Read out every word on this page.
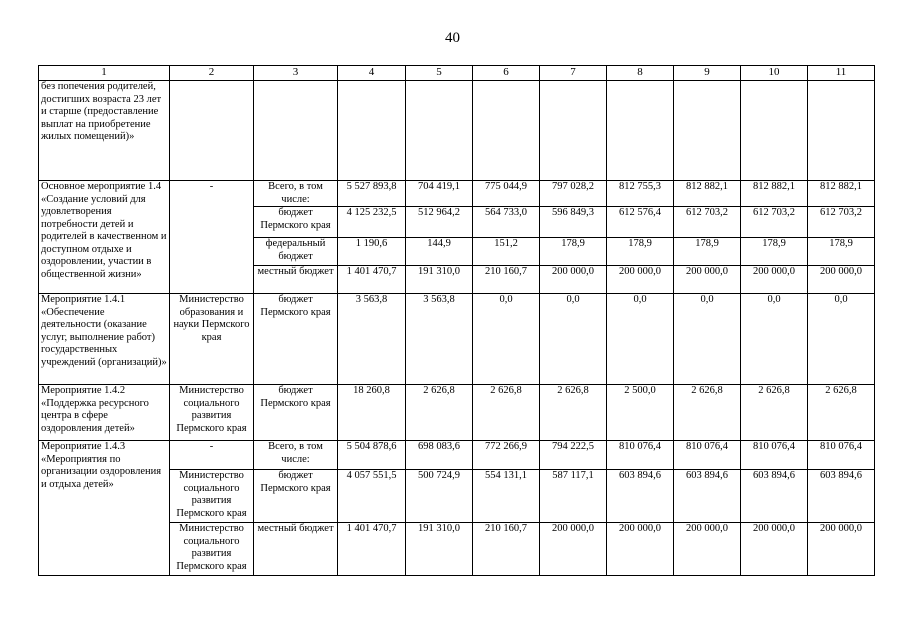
40
1	2	3	4	5	6	7	8	9	10	11
без попечения родителей, достигших возраста 23 лет и старше (предоставление выплат на приобретение жилых помещений)»										
Основное мероприятие 1.4 «Создание условий для удовлетворения потребности детей и родителей в качественном и доступном отдыхе и оздоровлении, участии в общественной жизни»	-	Всего, в том числе:	5 527 893,8	704 419,1	775 044,9	797 028,2	812 755,3	812 882,1	812 882,1	812 882,1
		бюджет Пермского края	4 125 232,5	512 964,2	564 733,0	596 849,3	612 576,4	612 703,2	612 703,2	612 703,2
		федеральный бюджет	1 190,6	144,9	151,2	178,9	178,9	178,9	178,9	178,9
		местный бюджет	1 401 470,7	191 310,0	210 160,7	200 000,0	200 000,0	200 000,0	200 000,0	200 000,0
Мероприятие 1.4.1 «Обеспечение деятельности (оказание услуг, выполнение работ) государственных учреждений (организаций)»	Министерство образования и науки Пермского края	бюджет Пермского края	3 563,8	3 563,8	0,0	0,0	0,0	0,0	0,0	0,0
Мероприятие 1.4.2 «Поддержка ресурсного центра в сфере оздоровления детей»	Министерство социального развития Пермского края	бюджет Пермского края	18 260,8	2 626,8	2 626,8	2 626,8	2 500,0	2 626,8	2 626,8	2 626,8
Мероприятие 1.4.3 «Мероприятия по организации оздоровления и отдыха детей»	-	Всего, в том числе:	5 504 878,6	698 083,6	772 266,9	794 222,5	810 076,4	810 076,4	810 076,4	810 076,4
	Министерство социального развития Пермского края	бюджет Пермского края	4 057 551,5	500 724,9	554 131,1	587 117,1	603 894,6	603 894,6	603 894,6	603 894,6
	Министерство социального развития Пермского края	местный бюджет	1 401 470,7	191 310,0	210 160,7	200 000,0	200 000,0	200 000,0	200 000,0	200 000,0
